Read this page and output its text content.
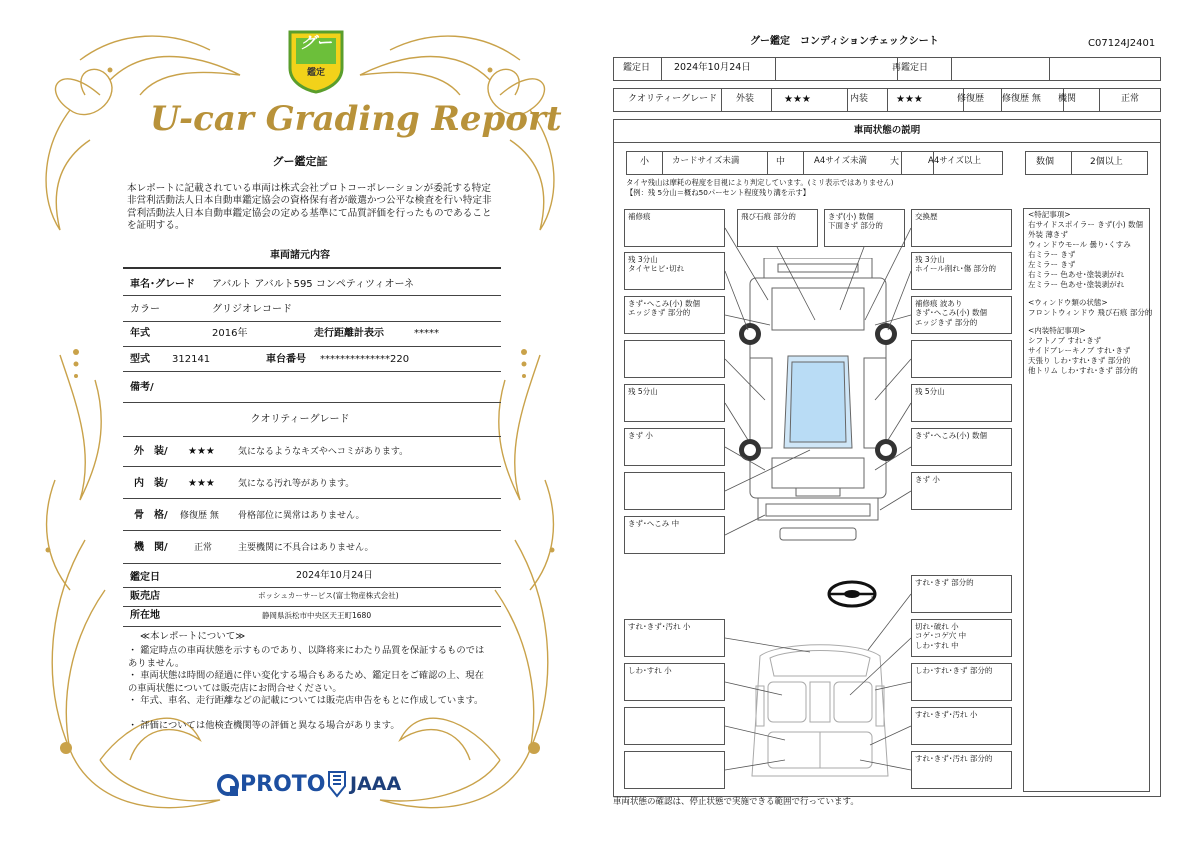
グー
鑑定
U-car Grading Report
グー鑑定証
本レポートに記載されている車両は株式会社プロトコーポレーションが委託する特定非営利活動法人日本自動車鑑定協会の資格保有者が厳選かつ公平な検査を行い特定非営利活動法人日本自動車鑑定協会の定める基準にて品質評価を行ったものであることを証明する。
車両諸元内容
車名･グレード アバルト アバルト595 コンペティツィオーネ
カラー	グリジオレコード
年式	2016年	走行距離計表示	*****
型式 312141	車台番号 **************220
備考/
クオリティーグレード
外　装/ ★★★	気になるようなキズやヘコミがあります。
内　装/ ★★★	気になる汚れ等があります。
骨　格/ 修復歴 無 骨格部位に異常はありません。
機　関/	正常	主要機関に不具合はありません。
鑑定日	2024年10月24日
販売店	ボッシュカーサービス(富士物産株式会社)
所在地	静岡県浜松市中央区天王町1680
≪本レポートについて≫
・ 鑑定時点の車両状態を示すものであり、以降将来にわたり品質を保証するものではありません。
・ 車両状態は時間の経過に伴い変化する場合もあるため、鑑定日をご確認の上、現在の車両状態については販売店にお問合せください。
・ 年式、車名、走行距離などの記載については販売店申告をもとに作成しています。
・ 評価については他検査機関等の評価と異なる場合があります。
PROTO JAAA
グー鑑定　コンディションチェックシート	C07124J2401
鑑定日	2024年10月24日	再鑑定日
クオリティーグレード 外装	★★★	内装	★★★	修復歴 修復歴 無 機関	正常
車両状態の説明
小	カードサイズ未満	中	A4サイズ未満	大	A4サイズ以上	数個	2個以上
タイヤ残山は摩耗の程度を目視により判定しています。(ミリ表示ではありません)
【例：残 5分山＝概ね50パーセント程度残り溝を示す】
補修痕
残 3分山
タイヤヒビ･切れ
きず･へこみ(小) 数個
エッジきず 部分的
残 5分山
きず 小
きず･へこみ 中
飛び石痕 部分的	きず(小) 数個
下面きず 部分的
交換歴
残 3分山
ホイール削れ･傷 部分的
補修痕 波あり
きず･へこみ(小) 数個
エッジきず 部分的
残 5分山
きず･へこみ(小) 数個
きず 小
<特記事項>
右サイドスポイラー きず(小) 数個
外装 薄きず
ウィンドウモール 曇り･くすみ
右ミラー きず
左ミラー きず
右ミラー 色あせ･塗装剥がれ
左ミラー 色あせ･塗装剥がれ
<ウィンドウ類の状態>
フロントウィンドウ 飛び石痕 部分的
<内装特記事項>
シフトノブ すれ･きず
サイドブレーキノブ すれ･きず
天張り しわ･すれ･きず 部分的
他トリム しわ･すれ･きず 部分的
すれ･きず･汚れ 小
しわ･すれ 小
すれ･きず 部分的
切れ･破れ 小
コゲ･コゲ穴 中
しわ･すれ 中
しわ･すれ･きず 部分的
すれ･きず･汚れ 小
すれ･きず･汚れ 部分的
車両状態の確認は、停止状態で実施できる範囲で行っています。
